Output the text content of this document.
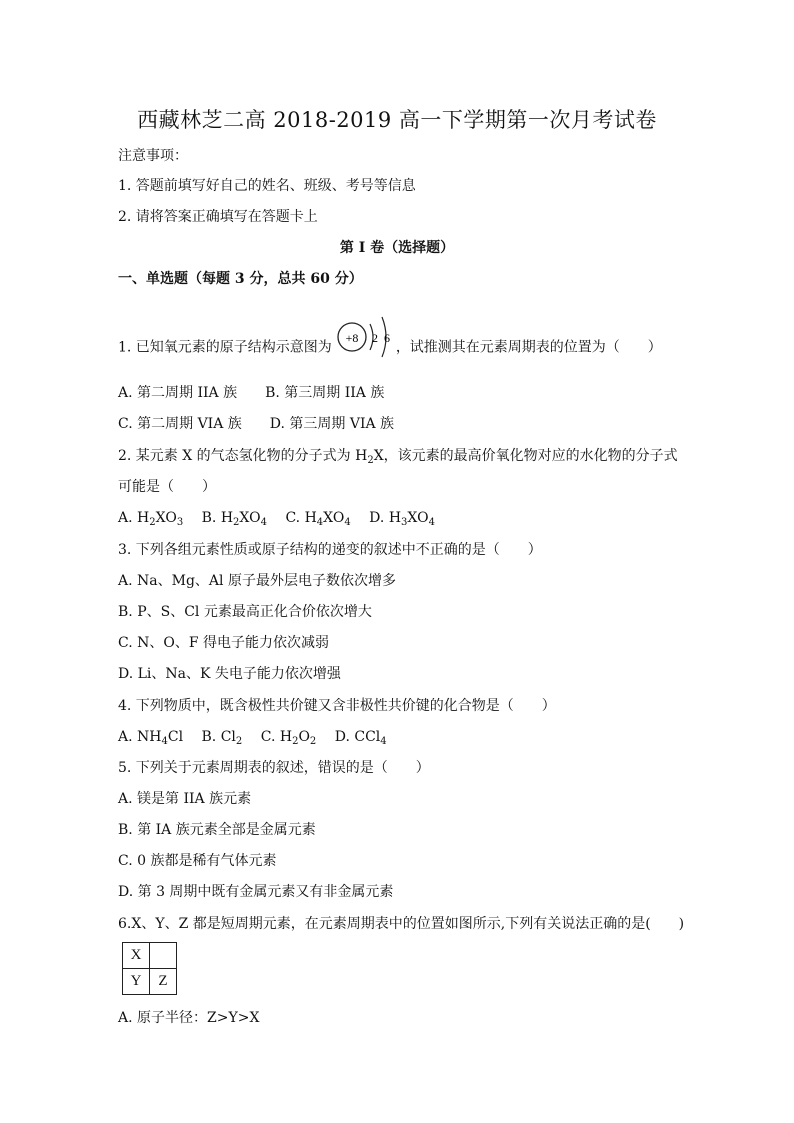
西藏林芝二高 2018-2019 高一下学期第一次月考试卷
注意事项：
1. 答题前填写好自己的姓名、班级、考号等信息
2. 请将答案正确填写在答题卡上
第 I 卷（选择题）
一、单选题（每题 3 分，总共 60 分）
1. 已知氧元素的原子结构示意图为
+8 2 6
，试推测其在元素周期表的位置为（　　）
A. 第二周期 IIA 族　　B. 第三周期 IIA 族
C. 第二周期 VIA 族　　D. 第三周期 VIA 族
2. 某元素 X 的气态氢化物的分子式为 $H_2X$，该元素的最高价氧化物对应的水化物的分子式
可能是（　　）
A. $H_2XO_3$ 　B. $H_2XO_4$ 　C. $H_4XO_4$ 　D. $H_3XO_4$
3. 下列各组元素性质或原子结构的递变的叙述中不正确的是（　　）
A. Na、Mg、Al 原子最外层电子数依次增多
B. P、S、Cl 元素最高正化合价依次增大
C. N、O、F 得电子能力依次减弱
D. Li、Na、K 失电子能力依次增强
4. 下列物质中，既含极性共价键又含非极性共价键的化合物是（　　）
A. $NH_4Cl$ 　B. $Cl_2$ 　C. $H_2O_2$ 　D. CCl$_4$
5. 下列关于元素周期表的叙述，错误的是（　　）
A. 镁是第 IIA 族元素
B. 第 IA 族元素全部是金属元素
C. 0 族都是稀有气体元素
D. 第 3 周期中既有金属元素又有非金属元素
6.X、Y、Z 都是短周期元素，在元素周期表中的位置如图所示,下列有关说法正确的是(　　)
X	
Y	Z
A. 原子半径：Z>Y>X
